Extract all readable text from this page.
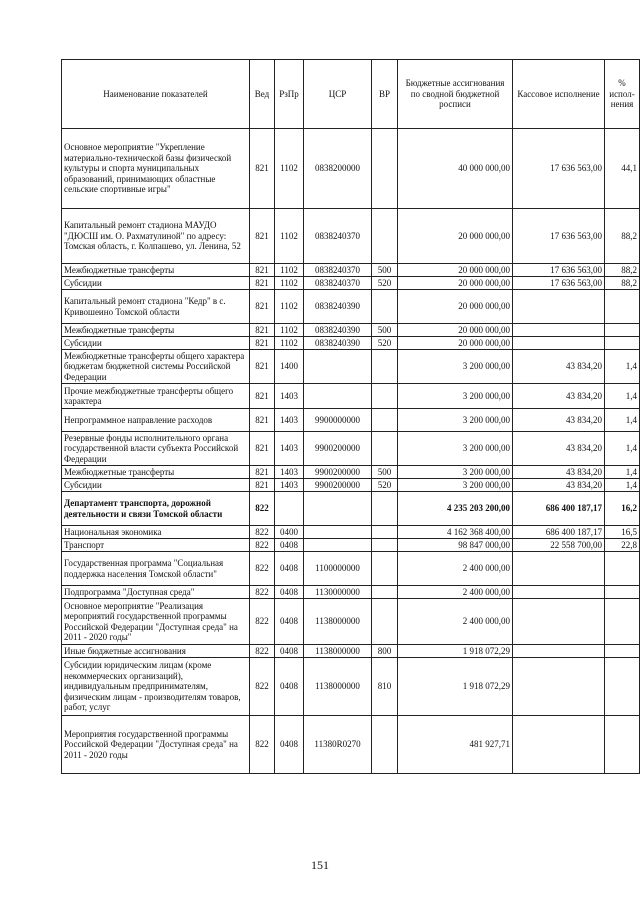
Наименование показателей	Вед	РзПр	ЦСР	ВР	Бюджетные ассигнования по сводной бюджетной росписи	Кассовое исполнение	% испол-нения
Основное мероприятие "Укрепление материально-технической базы физической культуры и спорта муниципальных образований, принимающих областные сельские спортивные игры"	821	1102	0838200000		40 000 000,00	17 636 563,00	44,1
Капитальный ремонт стадиона МАУДО "ДЮСШ им. О. Рахматулиной" по адресу: Томская область, г. Колпашево, ул. Ленина, 52	821	1102	0838240370		20 000 000,00	17 636 563,00	88,2
Межбюджетные трансферты	821	1102	0838240370	500	20 000 000,00	17 636 563,00	88,2
Субсидии	821	1102	0838240370	520	20 000 000,00	17 636 563,00	88,2
Капитальный ремонт стадиона "Кедр" в с. Кривошеино Томской области	821	1102	0838240390		20 000 000,00		
Межбюджетные трансферты	821	1102	0838240390	500	20 000 000,00		
Субсидии	821	1102	0838240390	520	20 000 000,00		
Межбюджетные трансферты общего характера бюджетам бюджетной системы Российской Федерации	821	1400			3 200 000,00	43 834,20	1,4
Прочие межбюджетные трансферты общего характера	821	1403			3 200 000,00	43 834,20	1,4
Непрограммное направление расходов	821	1403	9900000000		3 200 000,00	43 834,20	1,4
Резервные фонды исполнительного органа государственной власти субъекта Российской Федерации	821	1403	9900200000		3 200 000,00	43 834,20	1,4
Межбюджетные трансферты	821	1403	9900200000	500	3 200 000,00	43 834,20	1,4
Субсидии	821	1403	9900200000	520	3 200 000,00	43 834,20	1,4
Департамент транспорта, дорожной деятельности и связи Томской области	822				4 235 203 200,00	686 400 187,17	16,2
Национальная экономика	822	0400			4 162 368 400,00	686 400 187,17	16,5
Транспорт	822	0408			98 847 000,00	22 558 700,00	22,8
Государственная программа "Социальная поддержка населения Томской области"	822	0408	1100000000		2 400 000,00		
Подпрограмма "Доступная среда"	822	0408	1130000000		2 400 000,00		
Основное мероприятие "Реализация мероприятий государственной программы Российской Федерации "Доступная среда" на 2011 - 2020 годы"	822	0408	1138000000		2 400 000,00		
Иные бюджетные ассигнования	822	0408	1138000000	800	1 918 072,29		
Субсидии юридическим лицам (кроме некоммерческих организаций), индивидуальным предпринимателям, физическим лицам - производителям товаров, работ, услуг	822	0408	1138000000	810	1 918 072,29		
Мероприятия государственной программы Российской Федерации "Доступная среда" на 2011 - 2020 годы	822	0408	11380R0270		481 927,71		
151
